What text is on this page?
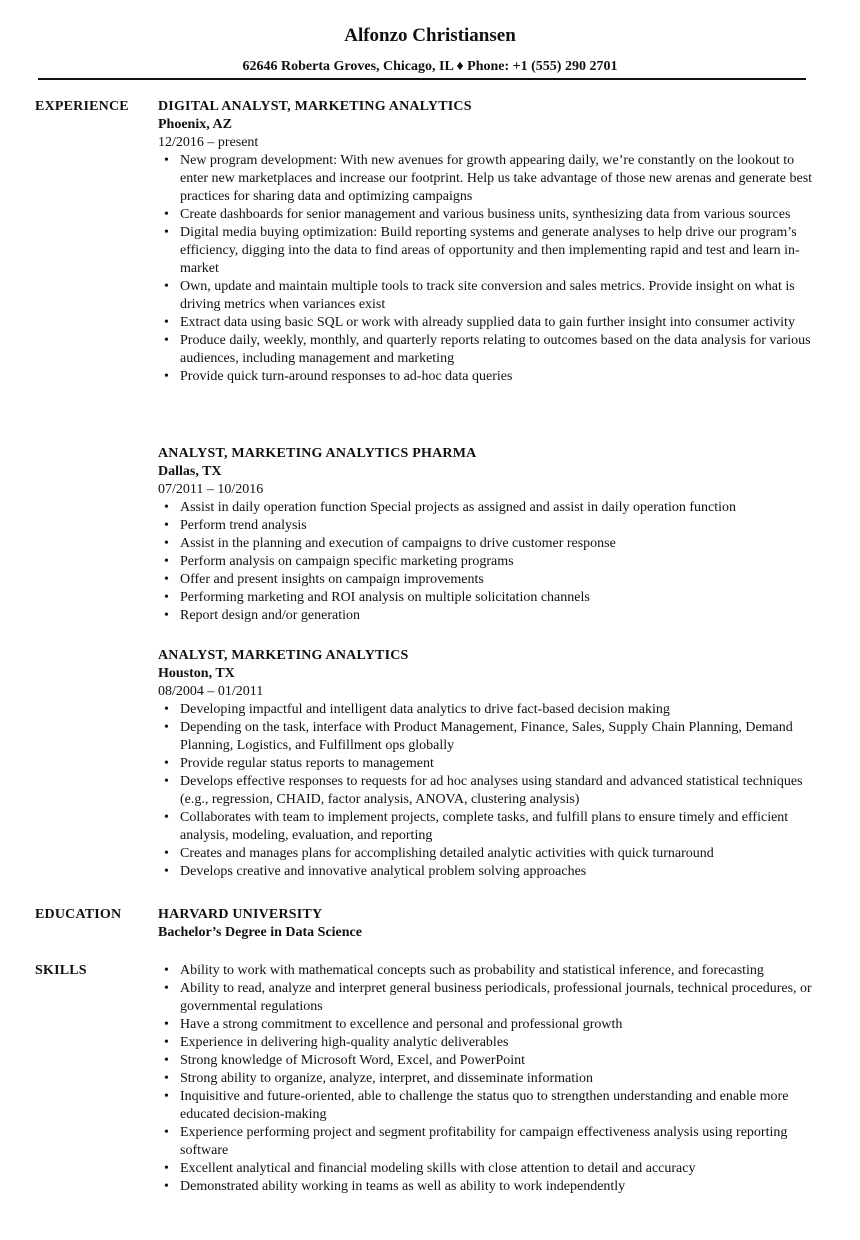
Alfonzo Christiansen
62646 Roberta Groves, Chicago, IL ♦ Phone: +1 (555) 290 2701
EXPERIENCE DIGITAL ANALYST, MARKETING ANALYTICS
Phoenix, AZ
12/2016 – present
• New program development: With new avenues for growth appearing daily, we’re constantly on the lookout to enter new marketplaces and increase our footprint. Help us take advantage of those new arenas and generate best practices for sharing data and optimizing campaigns
• Create dashboards for senior management and various business units, synthesizing data from various sources
• Digital media buying optimization: Build reporting systems and generate analyses to help drive our program’s efficiency, digging into the data to find areas of opportunity and then implementing rapid and test and learn in-market
• Own, update and maintain multiple tools to track site conversion and sales metrics. Provide insight on what is driving metrics when variances exist
• Extract data using basic SQL or work with already supplied data to gain further insight into consumer activity
• Produce daily, weekly, monthly, and quarterly reports relating to outcomes based on the data analysis for various audiences, including management and marketing
• Provide quick turn-around responses to ad-hoc data queries
ANALYST, MARKETING ANALYTICS PHARMA
Dallas, TX
07/2011 – 10/2016
• Assist in daily operation function Special projects as assigned and assist in daily operation function
• Perform trend analysis
• Assist in the planning and execution of campaigns to drive customer response
• Perform analysis on campaign specific marketing programs
• Offer and present insights on campaign improvements
• Performing marketing and ROI analysis on multiple solicitation channels
• Report design and/or generation
ANALYST, MARKETING ANALYTICS
Houston, TX
08/2004 – 01/2011
• Developing impactful and intelligent data analytics to drive fact-based decision making
• Depending on the task, interface with Product Management, Finance, Sales, Supply Chain Planning, Demand Planning, Logistics, and Fulfillment ops globally
• Provide regular status reports to management
• Develops effective responses to requests for ad hoc analyses using standard and advanced statistical techniques (e.g., regression, CHAID, factor analysis, ANOVA, clustering analysis)
• Collaborates with team to implement projects, complete tasks, and fulfill plans to ensure timely and efficient analysis, modeling, evaluation, and reporting
• Creates and manages plans for accomplishing detailed analytic activities with quick turnaround
• Develops creative and innovative analytical problem solving approaches
EDUCATION	HARVARD UNIVERSITY
Bachelor’s Degree in Data Science
SKILLS	• Ability to work with mathematical concepts such as probability and statistical inference, and forecasting
• Ability to read, analyze and interpret general business periodicals, professional journals, technical procedures, or governmental regulations
• Have a strong commitment to excellence and personal and professional growth
• Experience in delivering high-quality analytic deliverables
• Strong knowledge of Microsoft Word, Excel, and PowerPoint
• Strong ability to organize, analyze, interpret, and disseminate information
• Inquisitive and future-oriented, able to challenge the status quo to strengthen understanding and enable more educated decision-making
• Experience performing project and segment profitability for campaign effectiveness analysis using reporting software
• Excellent analytical and financial modeling skills with close attention to detail and accuracy
• Demonstrated ability working in teams as well as ability to work independently
